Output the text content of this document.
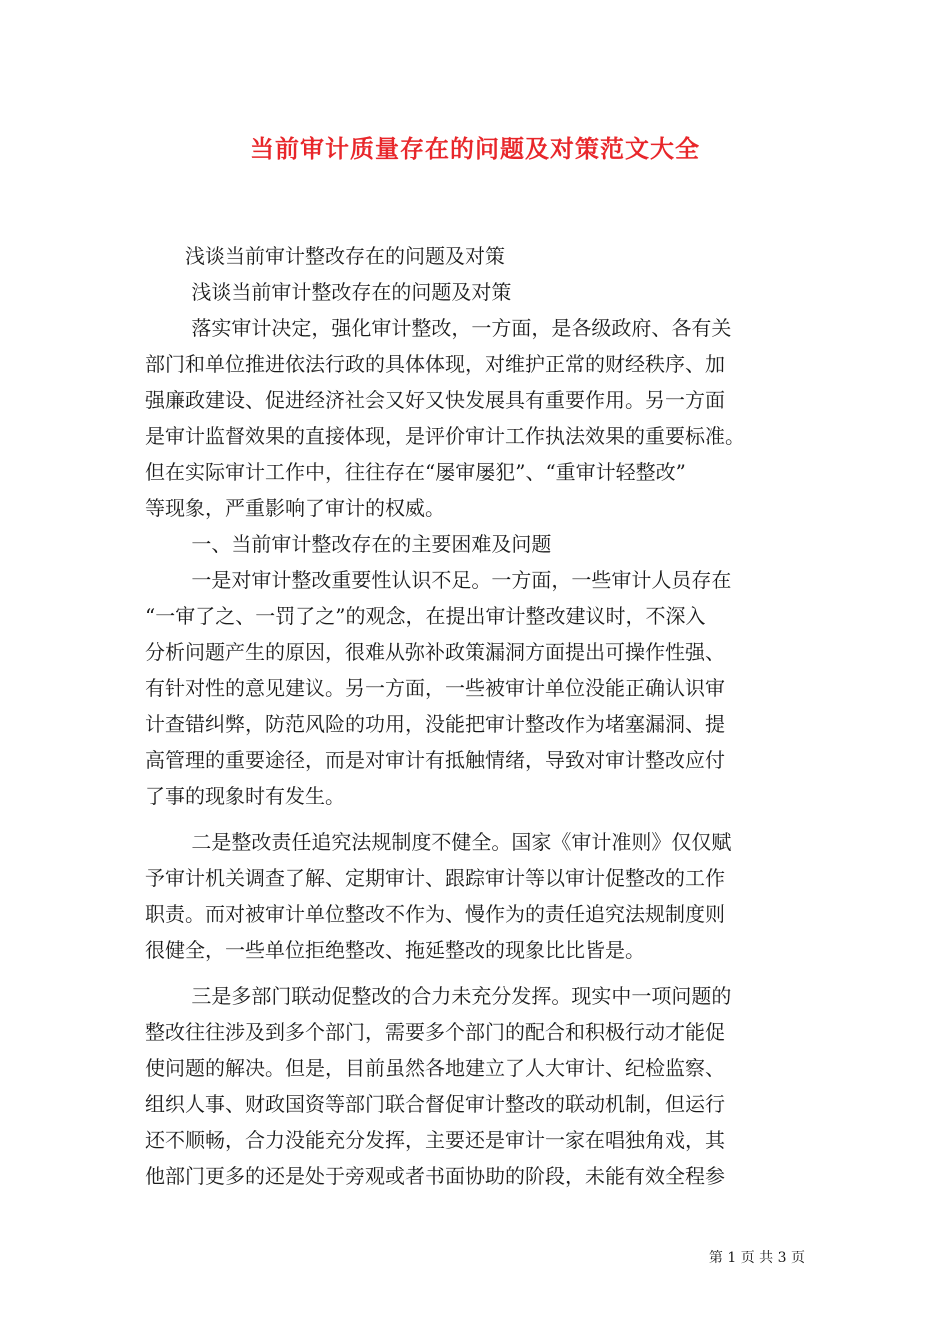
当前审计质量存在的问题及对策范文大全
　　浅谈当前审计整改存在的问题及对策
　　 浅谈当前审计整改存在的问题及对策
　　 落实审计决定，强化审计整改，一方面，是各级政府、各有关
部门和单位推进依法行政的具体体现，对维护正常的财经秩序、加
强廉政建设、促进经济社会又好又快发展具有重要作用。另一方面
是审计监督效果的直接体现，是评价审计工作执法效果的重要标准。
但在实际审计工作中，往往存在“屡审屡犯”、“重审计轻整改”
等现象，严重影响了审计的权威。
　　 一、当前审计整改存在的主要困难及问题
　　 一是对审计整改重要性认识不足。一方面，一些审计人员存在
“一审了之、一罚了之”的观念，在提出审计整改建议时，不深入
分析问题产生的原因，很难从弥补政策漏洞方面提出可操作性强、
有针对性的意见建议。另一方面，一些被审计单位没能正确认识审
计查错纠弊，防范风险的功用，没能把审计整改作为堵塞漏洞、提
高管理的重要途径，而是对审计有抵触情绪，导致对审计整改应付
了事的现象时有发生。
　　 二是整改责任追究法规制度不健全。国家《审计准则》仅仅赋
予审计机关调查了解、定期审计、跟踪审计等以审计促整改的工作
职责。而对被审计单位整改不作为、慢作为的责任追究法规制度则
很健全，一些单位拒绝整改、拖延整改的现象比比皆是。
　　 三是多部门联动促整改的合力未充分发挥。现实中一项问题的
整改往往涉及到多个部门，需要多个部门的配合和积极行动才能促
使问题的解决。但是，目前虽然各地建立了人大审计、纪检监察、
组织人事、财政国资等部门联合督促审计整改的联动机制，但运行
还不顺畅，合力没能充分发挥，主要还是审计一家在唱独角戏，其
他部门更多的还是处于旁观或者书面协助的阶段，未能有效全程参
第 1 页 共 3 页
